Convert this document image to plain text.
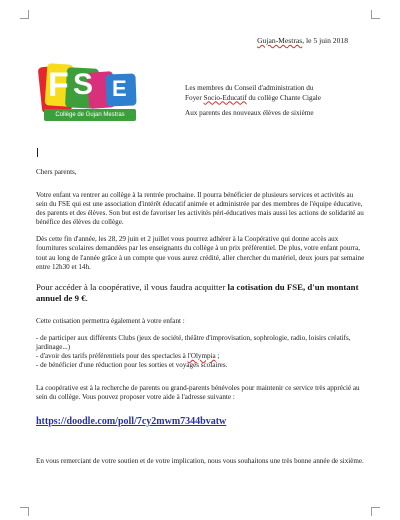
Gujan-Mestras, le 5 juin 2018
F S E
Collège de Gujan Mestras

Les membres du Conseil d'administration du

Foyer Socio-Educatif du collège Chante Cigale

Aux parents des nouveaux élèves de sixième

Chers parents,

Votre enfant va rentrer au collège à la rentrée prochaine. Il pourra bénéficier de plusieurs services et activités au sein du FSE qui est une association d'intérêt éducatif animée et administrée par des membres de l'équipe éducative, des parents et des élèves. Son but est de favoriser les activités péri-éducatives mais aussi les actions de solidarité au bénéfice des élèves du collège.

Dès cette fin d'année, les 28, 29 juin et 2 juillet vous pourrez adhérer à la Coopérative qui donne accès aux fournitures scolaires demandées par les enseignants du collège à un prix préférentiel. De plus, votre enfant pourra, tout au long de l'année grâce à un compte que vous aurez crédité, aller chercher du matériel, deux jours par semaine entre 12h30 et 14h.

Pour accéder à la coopérative, il vous faudra acquitter la cotisation du FSE, d'un montant annuel de 9 €.

Cette cotisation permettra également à votre enfant :

- de participer aux différents Clubs (jeux de société, théâtre d'improvisation, sophrologie, radio, loisirs créatifs, jardinage...)
- d'avoir des tarifs préférentiels pour des spectacles à l'Olympia ;
- de bénéficier d'une réduction pour les sorties et voyages scolaires.

La coopérative est à la recherche de parents ou grand-parents bénévoles pour maintenir ce service très apprécié au sein du collège. Vous pouvez proposer votre aide à l'adresse suivante :

https://doodle.com/poll/7cy2mwm7344bvatw

En vous remerciant de votre soutien et de votre implication, nous vous souhaitons une très bonne année de sixième.
